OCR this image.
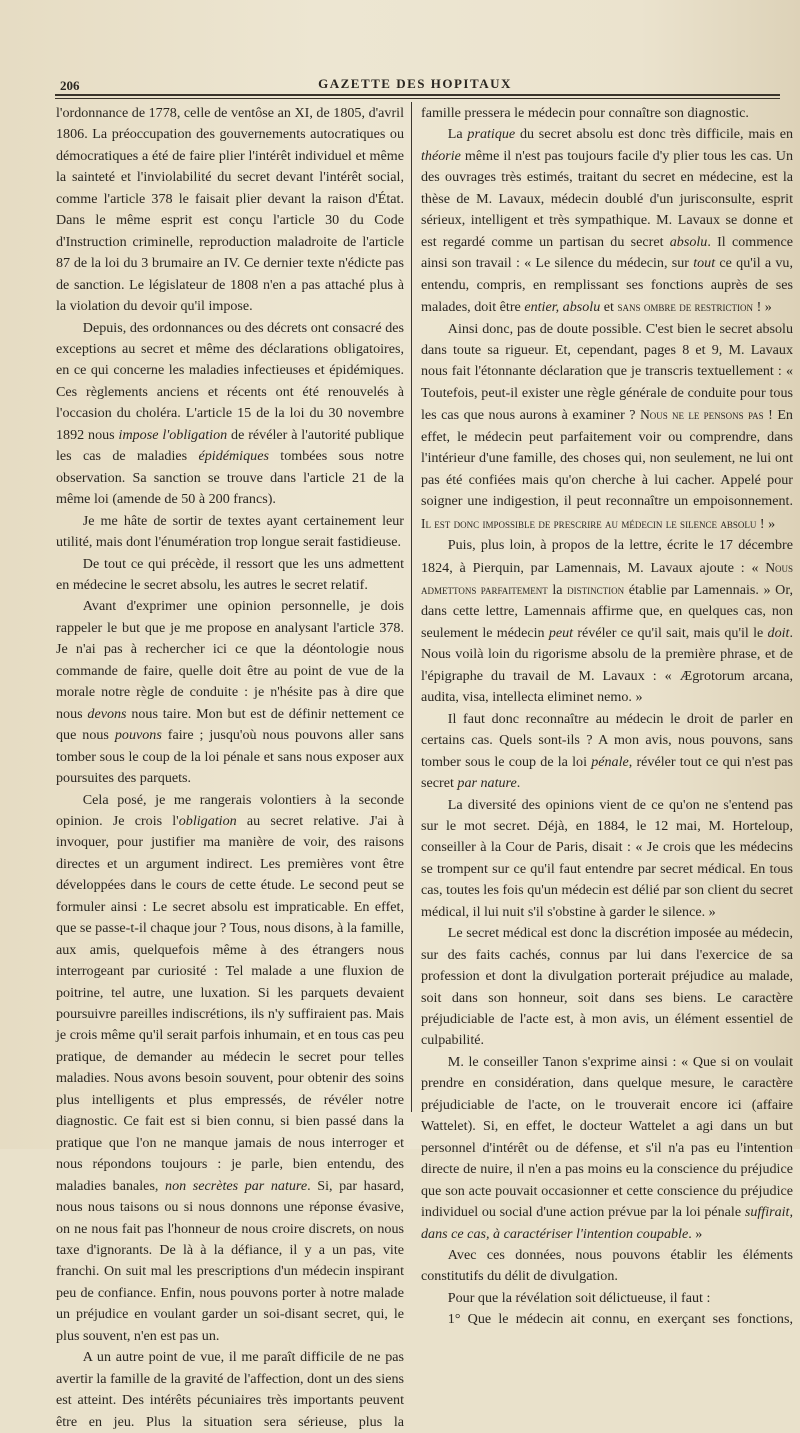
206	GAZETTE DES HOPITAUX

l'ordonnance de 1778, celle de ventôse an XI, de 1805, d'avril 1806. La préoccupation des gouvernements autocratiques ou démocratiques a été de faire plier l'intérêt individuel et même la sainteté et l'inviolabilité du secret devant l'intérêt social, comme l'article 378 le faisait plier devant la raison d'État. Dans le même esprit est conçu l'article 30 du Code d'Instruction criminelle, reproduction maladroite de l'article 87 de la loi du 3 brumaire an IV. Ce dernier texte n'édicte pas de sanction. Le législateur de 1808 n'en a pas attaché plus à la violation du devoir qu'il impose.

Depuis, des ordonnances ou des décrets ont consacré des exceptions au secret et même des déclarations obligatoires, en ce qui concerne les maladies infectieuses et épidémiques. Ces règlements anciens et récents ont été renouvelés à l'occasion du choléra. L'article 15 de la loi du 30 novembre 1892 nous impose l'obligation de révéler à l'autorité publique les cas de maladies épidémiques tombées sous notre observation. Sa sanction se trouve dans l'article 21 de la même loi (amende de 50 à 200 francs).

Je me hâte de sortir de textes ayant certainement leur utilité, mais dont l'énumération trop longue serait fastidieuse.

De tout ce qui précède, il ressort que les uns admettent en médecine le secret absolu, les autres le secret relatif.

Avant d'exprimer une opinion personnelle, je dois rappeler le but que je me propose en analysant l'article 378. Je n'ai pas à rechercher ici ce que la déontologie nous commande de faire, quelle doit être au point de vue de la morale notre règle de conduite : je n'hésite pas à dire que nous devons nous taire. Mon but est de définir nettement ce que nous pouvons faire ; jusqu'où nous pouvons aller sans tomber sous le coup de la loi pénale et sans nous exposer aux poursuites des parquets.

Cela posé, je me rangerais volontiers à la seconde opinion. Je crois l'obligation au secret relative. J'ai à invoquer, pour justifier ma manière de voir, des raisons directes et un argument indirect. Les premières vont être développées dans le cours de cette étude. Le second peut se formuler ainsi : Le secret absolu est impraticable. En effet, que se passe-t-il chaque jour ? Tous, nous disons, à la famille, aux amis, quelquefois même à des étrangers nous interrogeant par curiosité : Tel malade a une fluxion de poitrine, tel autre, une luxation. Si les parquets devaient poursuivre pareilles indiscrétions, ils n'y suffiraient pas. Mais je crois même qu'il serait parfois inhumain, et en tous cas peu pratique, de demander au médecin le secret pour telles maladies. Nous avons besoin souvent, pour obtenir des soins plus intelligents et plus empressés, de révéler notre diagnostic. Ce fait est si bien connu, si bien passé dans la pratique que l'on ne manque jamais de nous interroger et nous répondons toujours : je parle, bien entendu, des maladies banales, non secrètes par nature. Si, par hasard, nous nous taisons ou si nous donnons une réponse évasive, on ne nous fait pas l'honneur de nous croire discrets, on nous taxe d'ignorants. De là à la défiance, il y a un pas, vite franchi. On suit mal les prescriptions d'un médecin inspirant peu de confiance. Enfin, nous pouvons porter à notre malade un préjudice en voulant garder un soi-disant secret, qui, le plus souvent, n'en est pas un.

A un autre point de vue, il me paraît difficile de ne pas avertir la famille de la gravité de l'affection, dont un des siens est atteint. Des intérêts pécuniaires très importants peuvent être en jeu. Plus la situation sera sérieuse, plus la

famille pressera le médecin pour connaître son diagnostic.

La pratique du secret absolu est donc très difficile, mais en théorie même il n'est pas toujours facile d'y plier tous les cas. Un des ouvrages très estimés, traitant du secret en médecine, est la thèse de M. Lavaux, médecin doublé d'un jurisconsulte, esprit sérieux, intelligent et très sympathique. M. Lavaux se donne et est regardé comme un partisan du secret absolu. Il commence ainsi son travail : « Le silence du médecin, sur tout ce qu'il a vu, entendu, compris, en remplissant ses fonctions auprès de ses malades, doit être entier, absolu et sans ombre de restriction ! »

Ainsi donc, pas de doute possible. C'est bien le secret absolu dans toute sa rigueur. Et, cependant, pages 8 et 9, M. Lavaux nous fait l'étonnante déclaration que je transcris textuellement : « Toutefois, peut-il exister une règle générale de conduite pour tous les cas que nous aurons à examiner ? Nous ne le pensons pas ! En effet, le médecin peut parfaitement voir ou comprendre, dans l'intérieur d'une famille, des choses qui, non seulement, ne lui ont pas été confiées mais qu'on cherche à lui cacher. Appelé pour soigner une indigestion, il peut reconnaître un empoisonnement. Il est donc impossible de prescrire au médecin le silence absolu ! »

Puis, plus loin, à propos de la lettre, écrite le 17 décembre 1824, à Pierquin, par Lamennais, M. Lavaux ajoute : « Nous admettons parfaitement la distinction établie par Lamennais. » Or, dans cette lettre, Lamennais affirme que, en quelques cas, non seulement le médecin peut révéler ce qu'il sait, mais qu'il le doit. Nous voilà loin du rigorisme absolu de la première phrase, et de l'épigraphe du travail de M. Lavaux : « Ægrotorum arcana, audita, visa, intellecta eliminet nemo. »

Il faut donc reconnaître au médecin le droit de parler en certains cas. Quels sont-ils ? A mon avis, nous pouvons, sans tomber sous le coup de la loi pénale, révéler tout ce qui n'est pas secret par nature.

La diversité des opinions vient de ce qu'on ne s'entend pas sur le mot secret. Déjà, en 1884, le 12 mai, M. Horteloup, conseiller à la Cour de Paris, disait : « Je crois que les médecins se trompent sur ce qu'il faut entendre par secret médical. En tous cas, toutes les fois qu'un médecin est délié par son client du secret médical, il lui nuit s'il s'obstine à garder le silence. »

Le secret médical est donc la discrétion imposée au médecin, sur des faits cachés, connus par lui dans l'exercice de sa profession et dont la divulgation porterait préjudice au malade, soit dans son honneur, soit dans ses biens. Le caractère préjudiciable de l'acte est, à mon avis, un élément essentiel de culpabilité.

M. le conseiller Tanon s'exprime ainsi : « Que si on voulait prendre en considération, dans quelque mesure, le caractère préjudiciable de l'acte, on le trouverait encore ici (affaire Wattelet). Si, en effet, le docteur Wattelet a agi dans un but personnel d'intérêt ou de défense, et s'il n'a pas eu l'intention directe de nuire, il n'en a pas moins eu la conscience du préjudice que son acte pouvait occasionner et cette conscience du préjudice individuel ou social d'une action prévue par la loi pénale suffirait, dans ce cas, à caractériser l'intention coupable. »

Avec ces données, nous pouvons établir les éléments constitutifs du délit de divulgation.

Pour que la révélation soit délictueuse, il faut :

1° Que le médecin ait connu, en exerçant ses fonctions,
